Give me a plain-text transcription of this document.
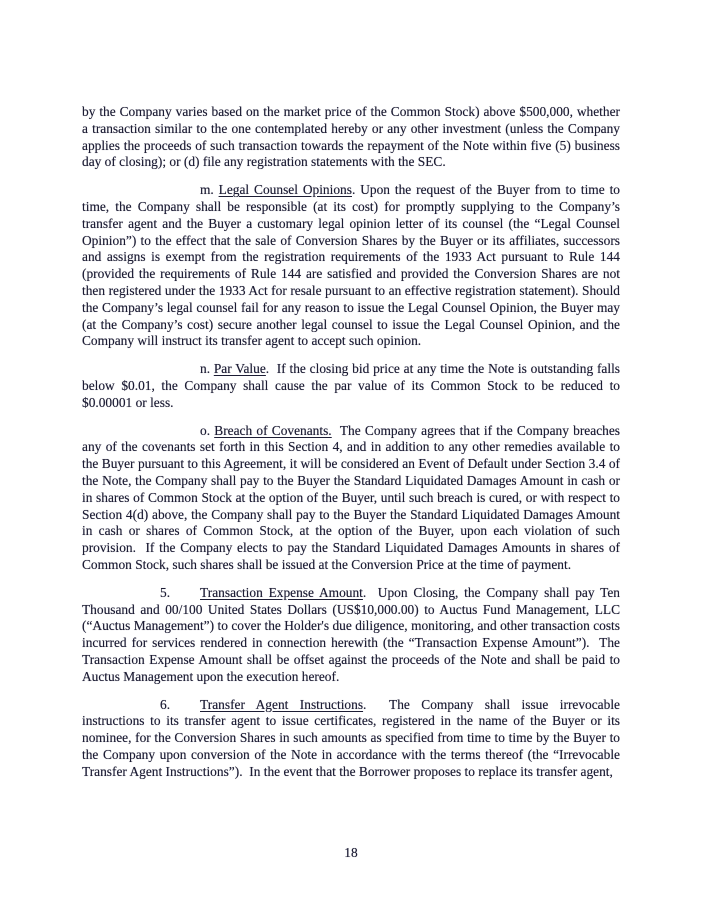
by the Company varies based on the market price of the Common Stock) above $500,000, whether a transaction similar to the one contemplated hereby or any other investment (unless the Company applies the proceeds of such transaction towards the repayment of the Note within five (5) business day of closing); or (d) file any registration statements with the SEC.

m. Legal Counsel Opinions. Upon the request of the Buyer from to time to time, the Company shall be responsible (at its cost) for promptly supplying to the Company’s transfer agent and the Buyer a customary legal opinion letter of its counsel (the “Legal Counsel Opinion”) to the effect that the sale of Conversion Shares by the Buyer or its affiliates, successors and assigns is exempt from the registration requirements of the 1933 Act pursuant to Rule 144 (provided the requirements of Rule 144 are satisfied and provided the Conversion Shares are not then registered under the 1933 Act for resale pursuant to an effective registration statement). Should the Company’s legal counsel fail for any reason to issue the Legal Counsel Opinion, the Buyer may (at the Company’s cost) secure another legal counsel to issue the Legal Counsel Opinion, and the Company will instruct its transfer agent to accept such opinion.

n. Par Value.  If the closing bid price at any time the Note is outstanding falls below $0.01, the Company shall cause the par value of its Common Stock to be reduced to $0.00001 or less.

o. Breach of Covenants. The Company agrees that if the Company breaches any of the covenants set forth in this Section 4, and in addition to any other remedies available to the Buyer pursuant to this Agreement, it will be considered an Event of Default under Section 3.4 of the Note, the Company shall pay to the Buyer the Standard Liquidated Damages Amount in cash or in shares of Common Stock at the option of the Buyer, until such breach is cured, or with respect to Section 4(d) above, the Company shall pay to the Buyer the Standard Liquidated Damages Amount in cash or shares of Common Stock, at the option of the Buyer, upon each violation of such provision.  If the Company elects to pay the Standard Liquidated Damages Amounts in shares of Common Stock, such shares shall be issued at the Conversion Price at the time of payment.

5. Transaction Expense Amount.  Upon Closing, the Company shall pay Ten Thousand and 00/100 United States Dollars (US$10,000.00) to Auctus Fund Management, LLC (“Auctus Management”) to cover the Holder's due diligence, monitoring, and other transaction costs incurred for services rendered in connection herewith (the “Transaction Expense Amount”).  The Transaction Expense Amount shall be offset against the proceeds of the Note and shall be paid to Auctus Management upon the execution hereof.

6. Transfer Agent Instructions.  The Company shall issue irrevocable instructions to its transfer agent to issue certificates, registered in the name of the Buyer or its nominee, for the Conversion Shares in such amounts as specified from time to time by the Buyer to the Company upon conversion of the Note in accordance with the terms thereof (the “Irrevocable Transfer Agent Instructions”).  In the event that the Borrower proposes to replace its transfer agent,

18
